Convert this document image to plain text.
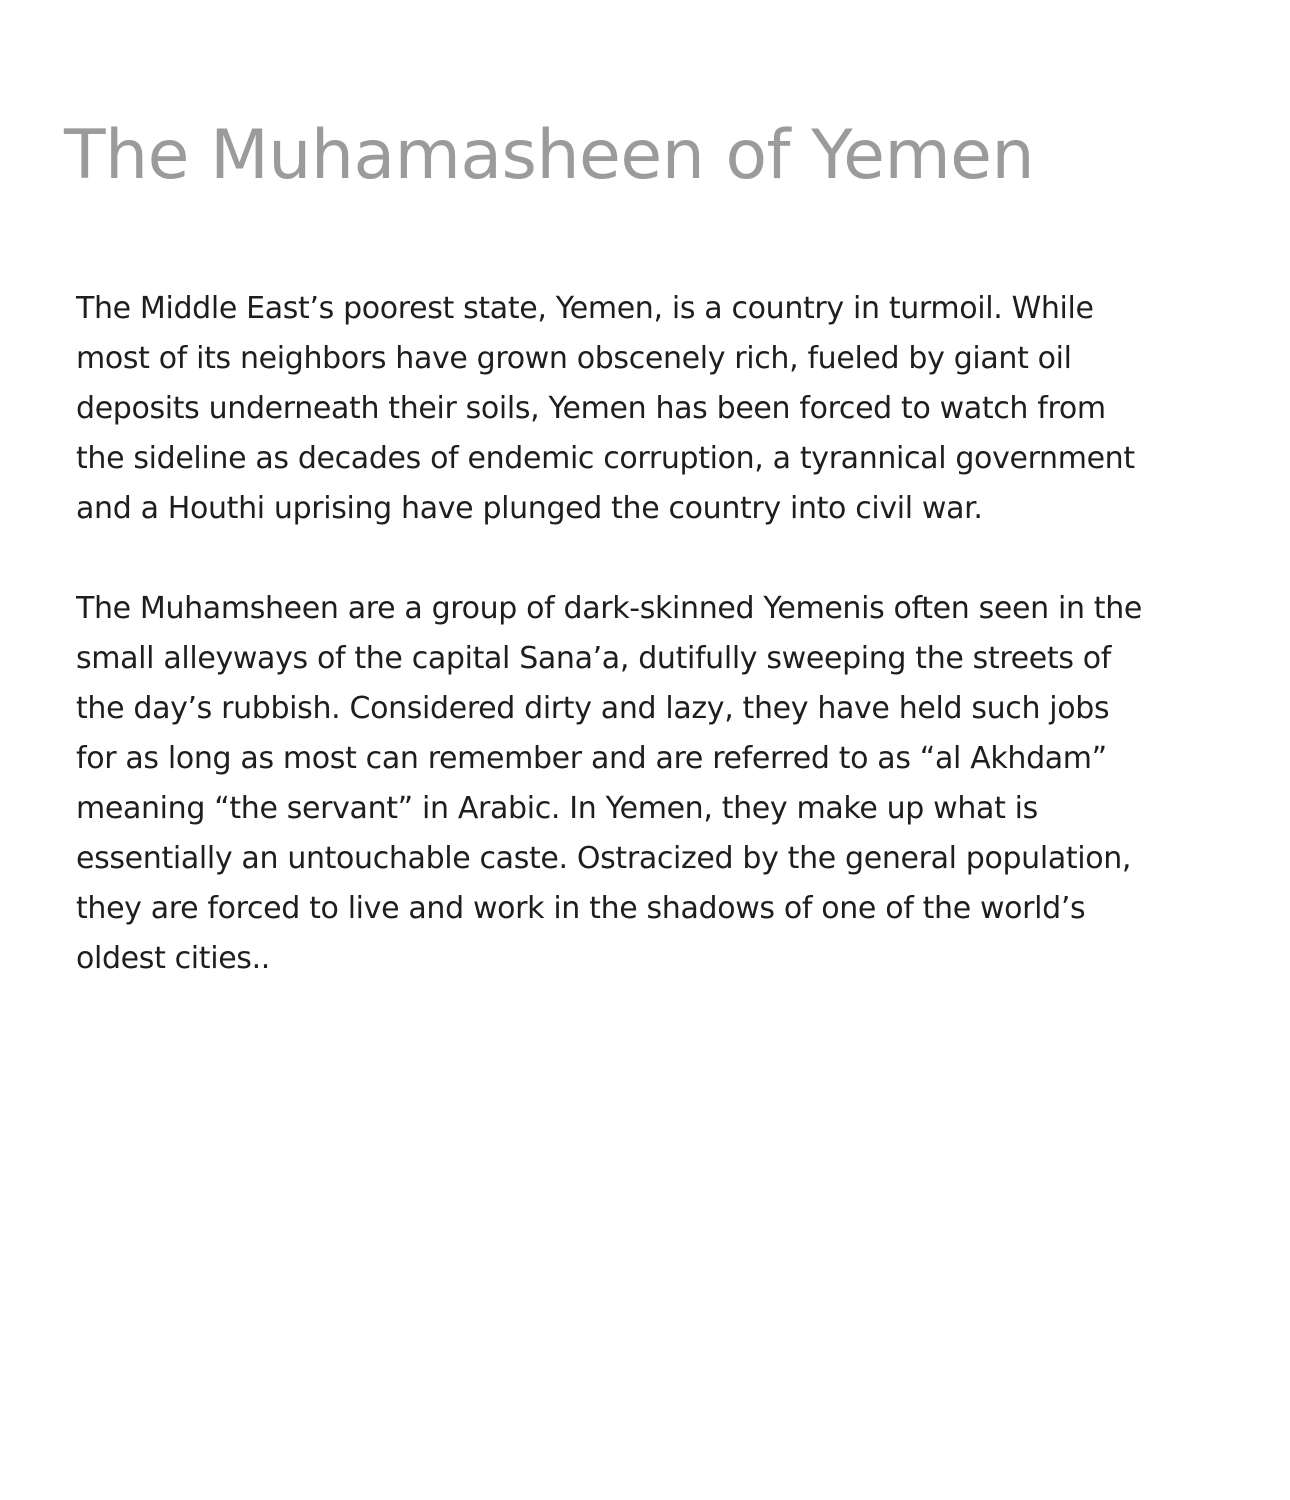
The Muhamasheen of Yemen

The Middle East’s poorest state, Yemen, is a country in turmoil. While
most of its neighbors have grown obscenely rich, fueled by giant oil
deposits underneath their soils, Yemen has been forced to watch from
the sideline as decades of endemic corruption, a tyrannical government
and a Houthi uprising have plunged the country into civil war.

The Muhamsheen are a group of dark-skinned Yemenis often seen in the
small alleyways of the capital Sana’a, dutifully sweeping the streets of
the day’s rubbish. Considered dirty and lazy, they have held such jobs
for as long as most can remember and are referred to as “al Akhdam”
meaning “the servant” in Arabic. In Yemen, they make up what is
essentially an untouchable caste. Ostracized by the general population,
they are forced to live and work in the shadows of one of the world’s
oldest cities..
